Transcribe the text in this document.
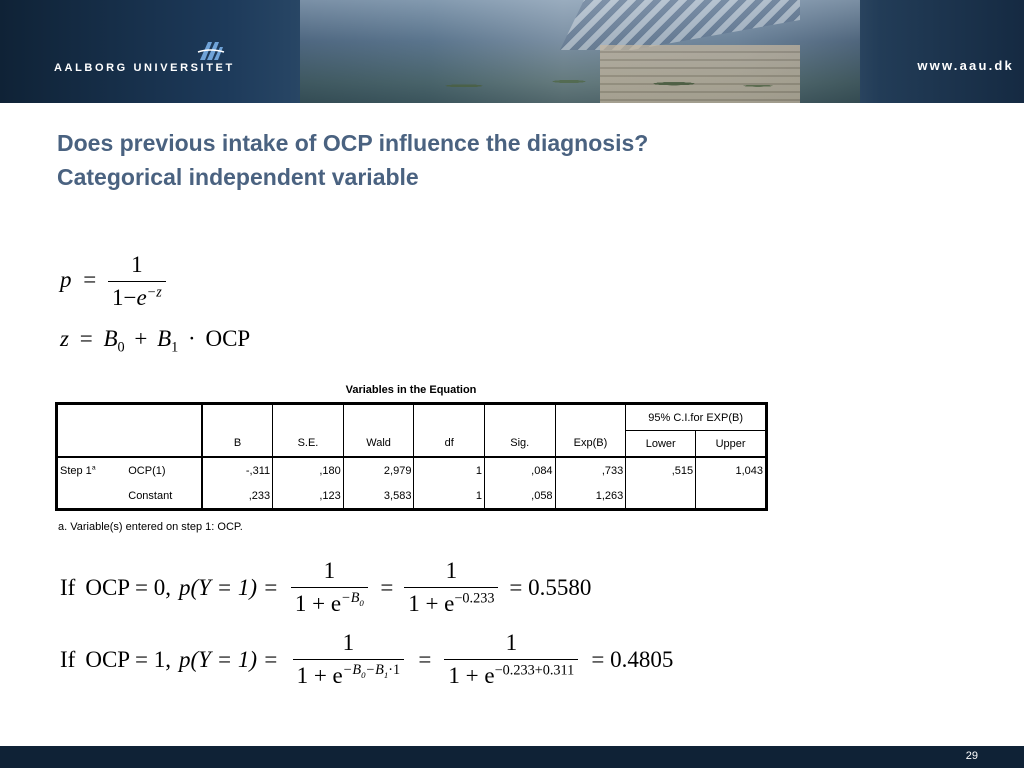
AALBORG UNIVERSITET	www.aau.dk
Does previous intake of OCP influence the diagnosis?
Categorical independent variable
$p = \frac{1}{1-e^{-z}}$
$z = B_0 + B_1$ · OCP
Variables in the Equation
								95% C.I.for EXP(B)	
		B	S.E.	Wald	df	Sig.	Exp(B)	Lower	Upper
Step 1$^a$	OCP(1)	-,311	,180	2,979	1	,084	,733	,515	1,043
	Constant	,233	,123	3,583	1	,058	1,263		
a. Variable(s) entered on step 1: OCP.
If OCP = 0, $p(Y = 1) = \frac{1}{1 + e^{-B_0}} = \frac{1}{1 + e^{-0.233}} = 0.5580$
If OCP = 1, $p(Y = 1) = \frac{1}{1 + e^{-B_0-B_1\cdot 1}} = \frac{1}{1 + e^{-0.233+0.311}} = 0.4805$
29
